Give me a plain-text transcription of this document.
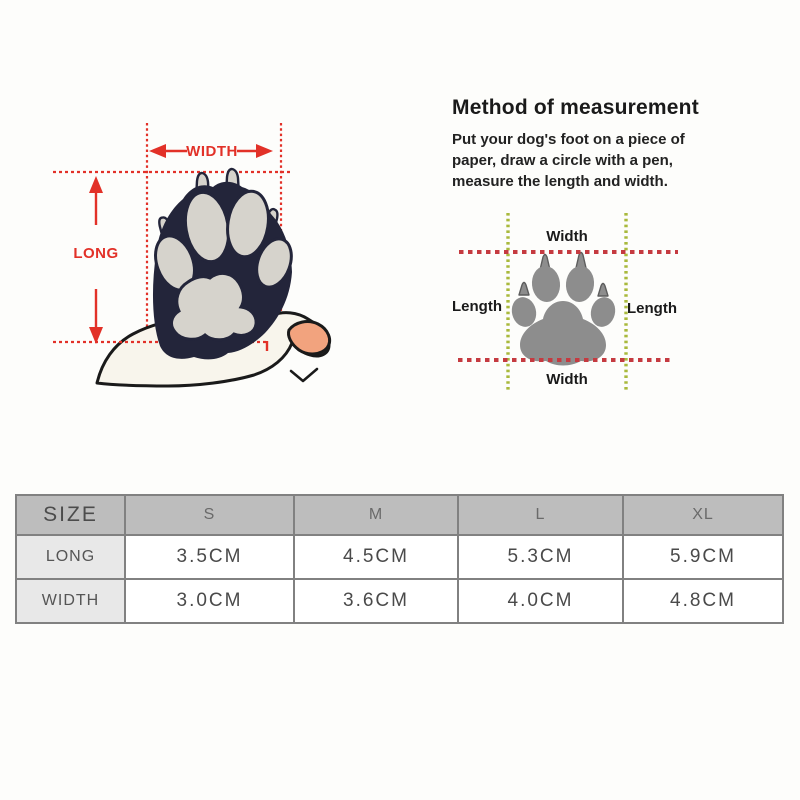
WIDTH
LONG
Method of measurement
Put your dog's foot on a piece of
paper, draw a circle with a pen,
measure the length and width.
Width
Length	Length
Width
SIZE	S	M	L	XL
LONG	3.5CM	4.5CM	5.3CM	5.9CM
WIDTH	3.0CM	3.6CM	4.0CM	4.8CM
